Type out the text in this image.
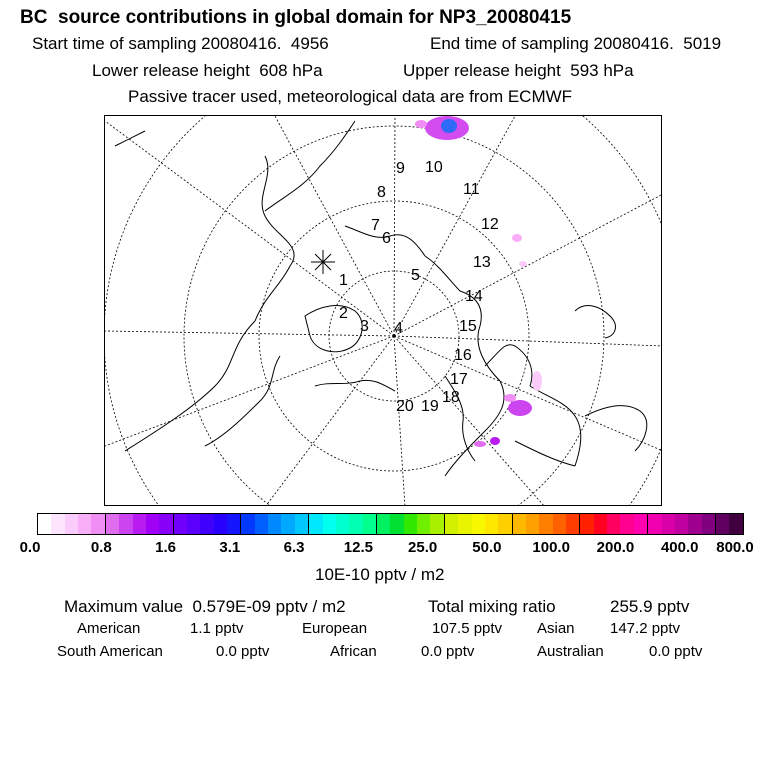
BC  source contributions in global domain for NP3_20080415
Start time of sampling 20080416.  4956	End time of sampling 20080416.  5019
Lower release height  608 hPa	Upper release height  593 hPa
Passive tracer used, meteorological data are from ECMWF
1
2
3 4
5
6
7
8
9 10
11
12
13
14
15
16
17
18
19
20
0.0	0.8	1.6	3.1	6.3	12.5 25.0 50.0 100.0 200.0 400.0 800.0
10E-10 pptv / m2
Maximum value  0.579E-09 pptv / m2	Total mixing ratio	255.9 pptv
American	1.1 pptv	European	107.5 pptv Asian 147.2 pptv
South American	0.0 pptv	African	0.0 pptv	Australian	0.0 pptv
